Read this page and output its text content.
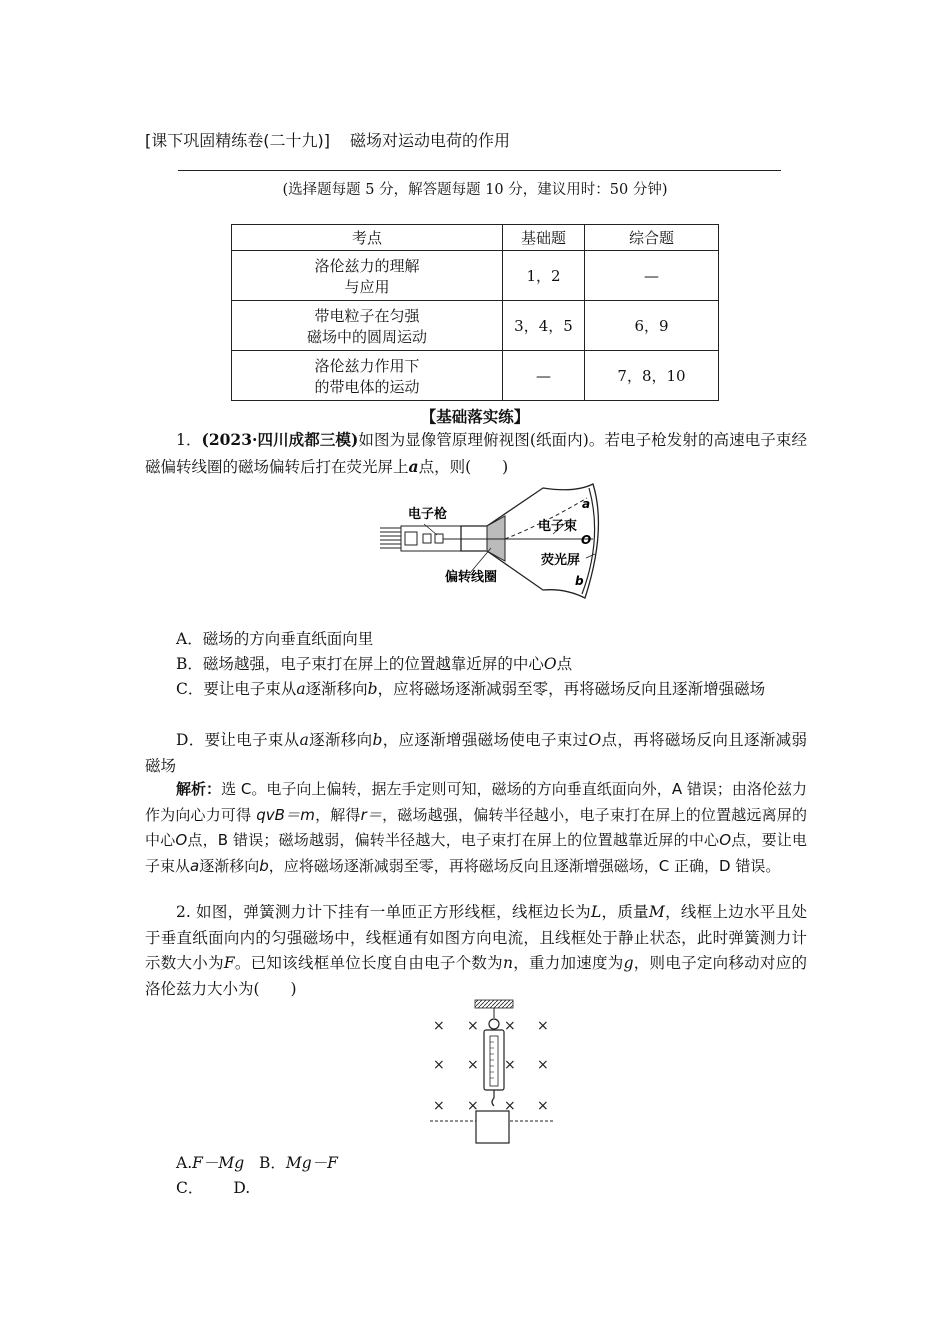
[课下巩固精练卷(二十九)] 磁场对运动电荷的作用
(选择题每题 5 分，解答题每题 10 分，建议用时：50 分钟)
考点	基础题	综合题

洛伦兹力的理解
与应用	1，2	—

带电粒子在匀强
磁场中的圆周运动	3，4，5	6，9

洛伦兹力作用下
的带电体的运动	—	7，8，10
【基础落实练】
1．(2023·四川成都三模)如图为显像管原理俯视图(纸面内)。若电子枪发射的高速电子束经磁偏转线圈的磁场偏转后打在荧光屏上a点，则(　　)
电子枪
电子束
荧光屏
偏转线圈
a
O
b
A．磁场的方向垂直纸面向里
B．磁场越强，电子束打在屏上的位置越靠近屏的中心O点
C．要让电子束从a逐渐移向b，应将磁场逐渐减弱至零，再将磁场反向且逐渐增强磁场
D．要让电子束从a逐渐移向b，应逐渐增强磁场使电子束过O点，再将磁场反向且逐渐减弱磁场
解析：选 C。电子向上偏转，据左手定则可知，磁场的方向垂直纸面向外，A 错误；由洛伦兹力作为向心力可得 qvB＝m，解得r＝，磁场越强，偏转半径越小，电子束打在屏上的位置越远离屏的中心O点，B 错误；磁场越弱，偏转半径越大，电子束打在屏上的位置越靠近屏的中心O点，要让电子束从a逐渐移向b，应将磁场逐渐减弱至零，再将磁场反向且逐渐增强磁场，C 正确，D 错误。
2. 如图，弹簧测力计下挂有一单匝正方形线框，线框边长为L，质量M，线框上边水平且处于垂直纸面向内的匀强磁场中，线框通有如图方向电流，且线框处于静止状态，此时弹簧测力计示数大小为F。已知该线框单位长度自由电子个数为n，重力加速度为g，则电子定向移动对应的洛伦兹力大小为(　　)
× × × ×
× × × ×
× × × ×
A.F－Mg B．Mg－F
C． D.
